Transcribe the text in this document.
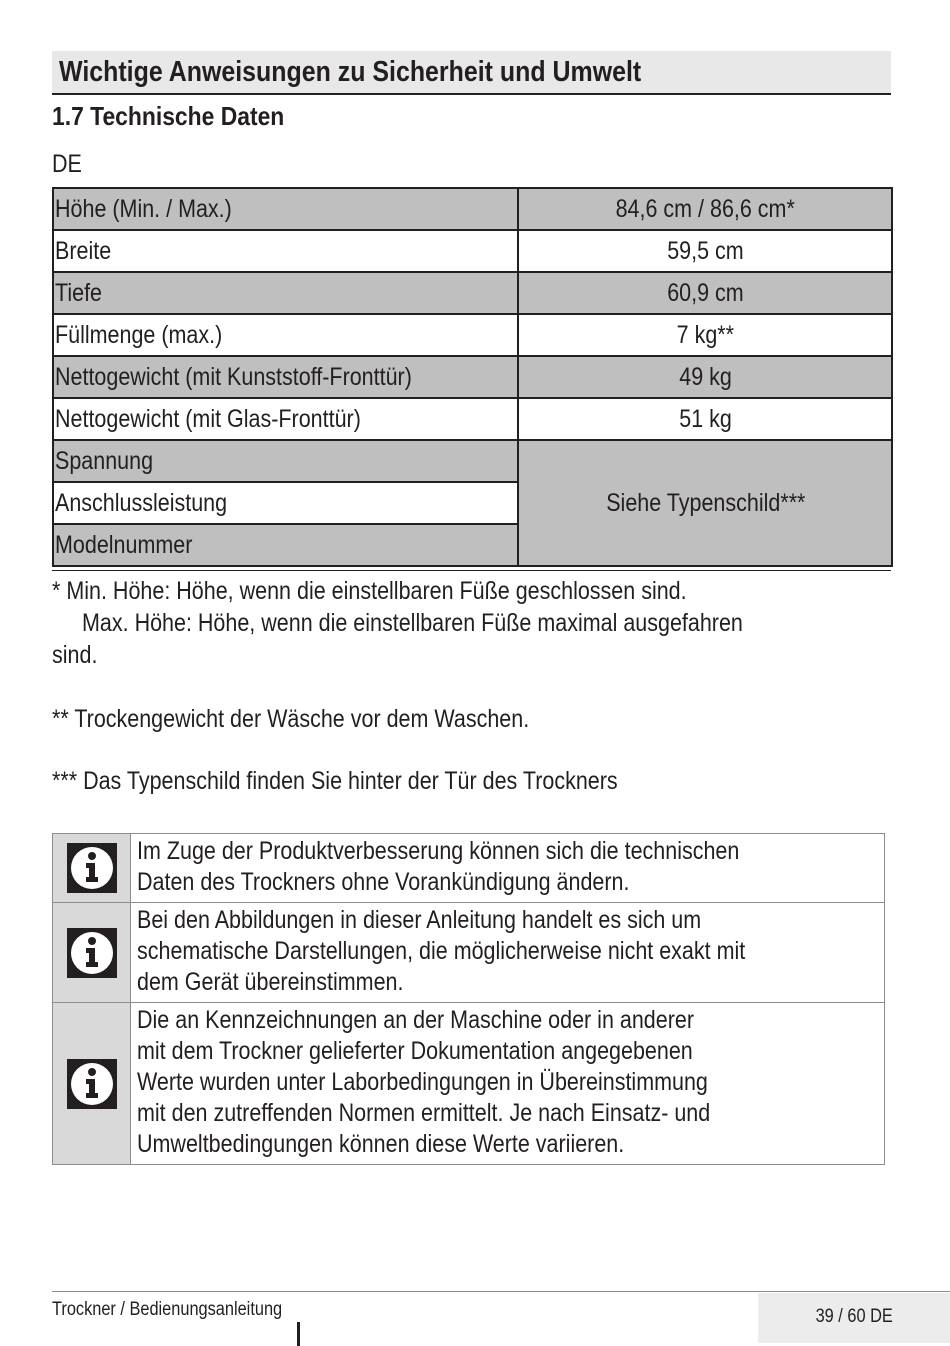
Wichtige Anweisungen zu Sicherheit und Umwelt
1.7 Technische Daten
DE
Höhe (Min. / Max.)	84,6 cm / 86,6 cm*
Breite	59,5 cm
Tiefe	60,9 cm
Füllmenge (max.)	7 kg**
Nettogewicht (mit Kunststoff-Fronttür)	49 kg
Nettogewicht (mit Glas-Fronttür)	51 kg
Spannung	Siehe Typenschild***
Anschlussleistung	
Modelnummer	

* Min. Höhe: Höhe, wenn die einstellbaren Füße geschlossen sind.

Max. Höhe: Höhe, wenn die einstellbaren Füße maximal ausgefahren

sind.

** Trockengewicht der Wäsche vor dem Waschen.

*** Das Typenschild finden Sie hinter der Tür des Trockners

Im Zuge der Produktverbesserung können sich die technischen
Daten des Trockners ohne Vorankündigung ändern.

Bei den Abbildungen in dieser Anleitung handelt es sich um
schematische Darstellungen, die möglicherweise nicht exakt mit
dem Gerät übereinstimmen.

Die an Kennzeichnungen an der Maschine oder in anderer
mit dem Trockner gelieferter Dokumentation angegebenen
Werte wurden unter Laborbedingungen in Übereinstimmung
mit den zutreffenden Normen ermittelt. Je nach Einsatz- und
Umweltbedingungen können diese Werte variieren.
Trockner / Bedienungsanleitung	39 / 60 DE
